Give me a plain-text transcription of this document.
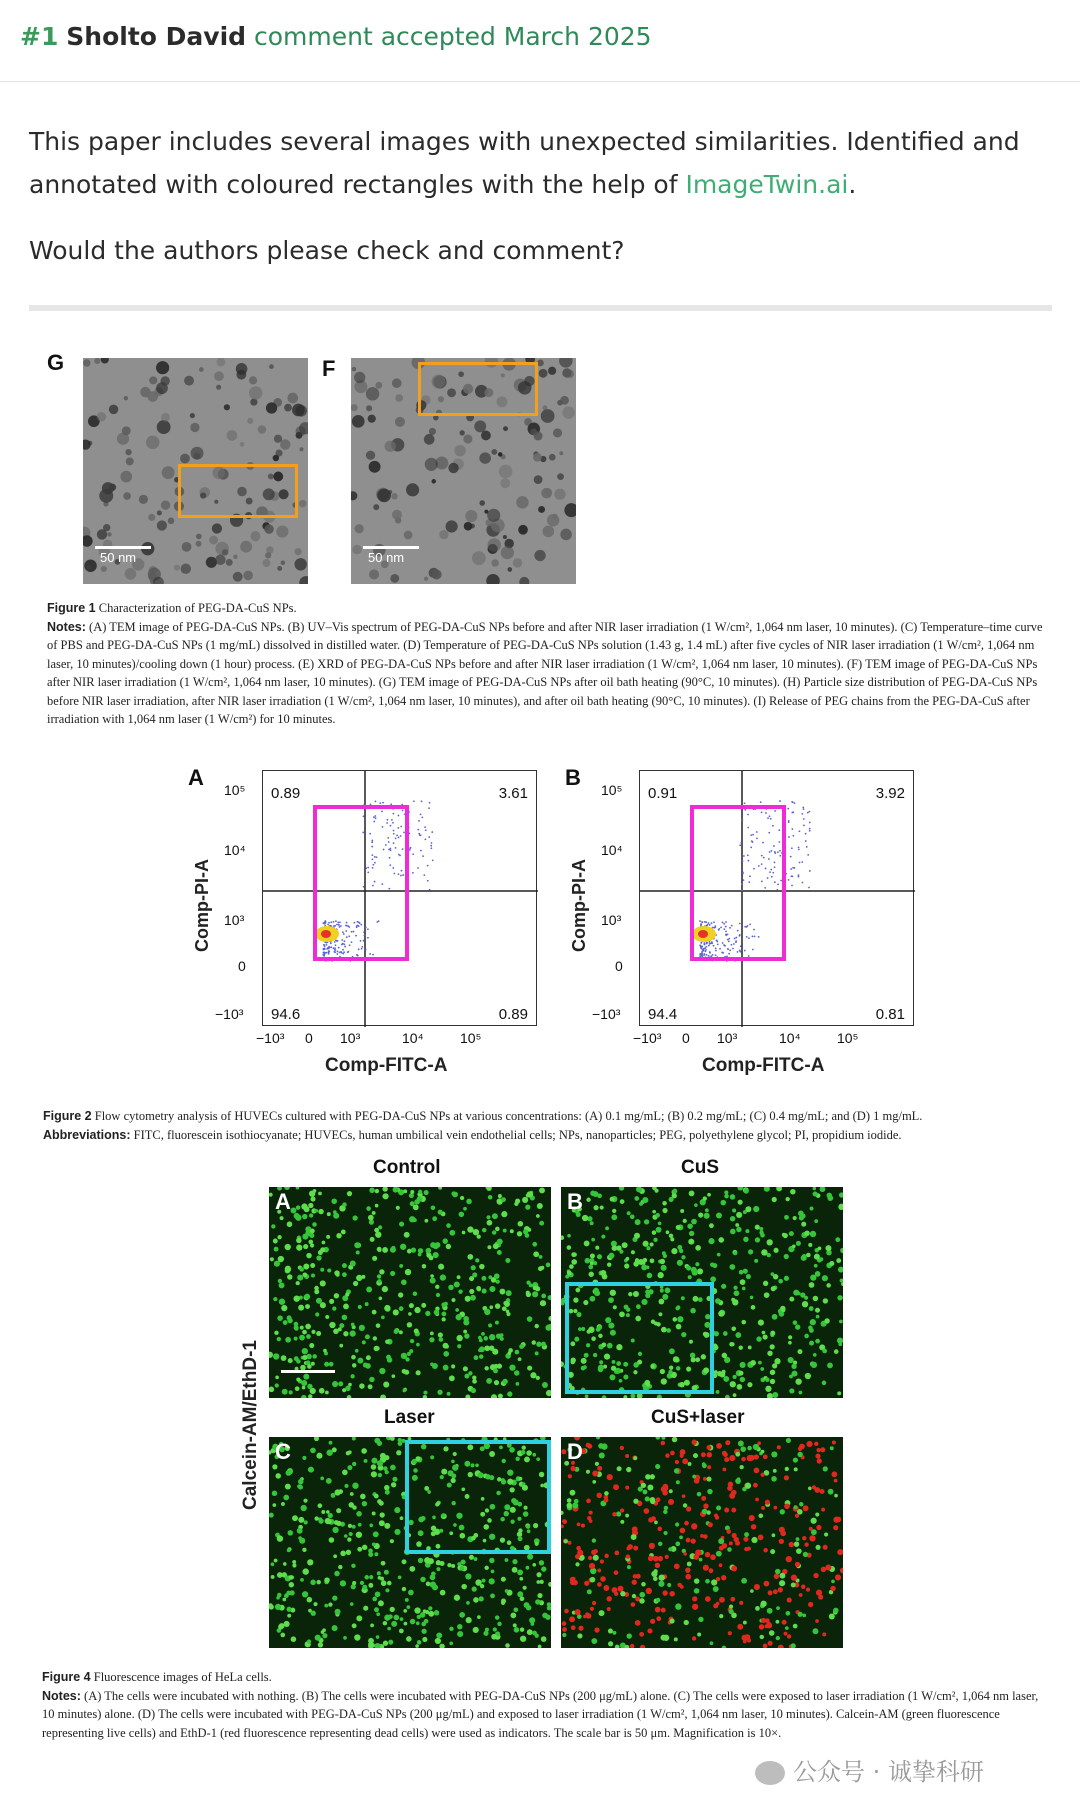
#1 Sholto David comment accepted March 2025
This paper includes several images with unexpected similarities. Identified and annotated with coloured rectangles with the help of ImageTwin.ai.
Would the authors please check and comment?
G
50 nm
F
50 nm
Figure 1 Characterization of PEG-DA-CuS NPs.
Notes: (A) TEM image of PEG-DA-CuS NPs. (B) UV–Vis spectrum of PEG-DA-CuS NPs before and after NIR laser irradiation (1 W/cm², 1,064 nm laser, 10 minutes). (C) Temperature–time curve of PBS and PEG-DA-CuS NPs (1 mg/mL) dissolved in distilled water. (D) Temperature of PEG-DA-CuS NPs solution (1.43 g, 1.4 mL) after five cycles of NIR laser irradiation (1 W/cm², 1,064 nm laser, 10 minutes)/cooling down (1 hour) process. (E) XRD of PEG-DA-CuS NPs before and after NIR laser irradiation (1 W/cm², 1,064 nm laser, 10 minutes). (F) TEM image of PEG-DA-CuS NPs after NIR laser irradiation (1 W/cm², 1,064 nm laser, 10 minutes). (G) TEM image of PEG-DA-CuS NPs after oil bath heating (90°C, 10 minutes). (H) Particle size distribution of PEG-DA-CuS NPs before NIR laser irradiation, after NIR laser irradiation (1 W/cm², 1,064 nm laser, 10 minutes), and after oil bath heating (90°C, 10 minutes). (I) Release of PEG chains from the PEG-DA-CuS after irradiation with 1,064 nm laser (1 W/cm²) for 10 minutes.
A
Comp-PI-A
10⁵
10⁴
10³
0
−10³
0.89	3.61
94.6	0.89
−10³ 0 10³	10⁴	10⁵
Comp-FITC-A
B
Comp-PI-A
10⁵
10⁴
10³
0
−10³
0.91	3.92
94.4	0.81
−10³ 0 10³	10⁴	10⁵
Comp-FITC-A
Figure 2 Flow cytometry analysis of HUVECs cultured with PEG-DA-CuS NPs at various concentrations: (A) 0.1 mg/mL; (B) 0.2 mg/mL; (C) 0.4 mg/mL; and (D) 1 mg/mL.
Abbreviations: FITC, fluorescein isothiocyanate; HUVECs, human umbilical vein endothelial cells; NPs, nanoparticles; PEG, polyethylene glycol; PI, propidium iodide.
Control	CuS
Laser	CuS+laser
Calcein-AM/EthD-1
A	B
C	D
Figure 4 Fluorescence images of HeLa cells.
Notes: (A) The cells were incubated with nothing. (B) The cells were incubated with PEG-DA-CuS NPs (200 μg/mL) alone. (C) The cells were exposed to laser irradiation (1 W/cm², 1,064 nm laser, 10 minutes) alone. (D) The cells were incubated with PEG-DA-CuS NPs (200 μg/mL) and exposed to laser irradiation (1 W/cm², 1,064 nm laser, 10 minutes). Calcein-AM (green fluorescence representing live cells) and EthD-1 (red fluorescence representing dead cells) were used as indicators. The scale bar is 50 μm. Magnification is 10×.
公众号 · 诚挚科研
